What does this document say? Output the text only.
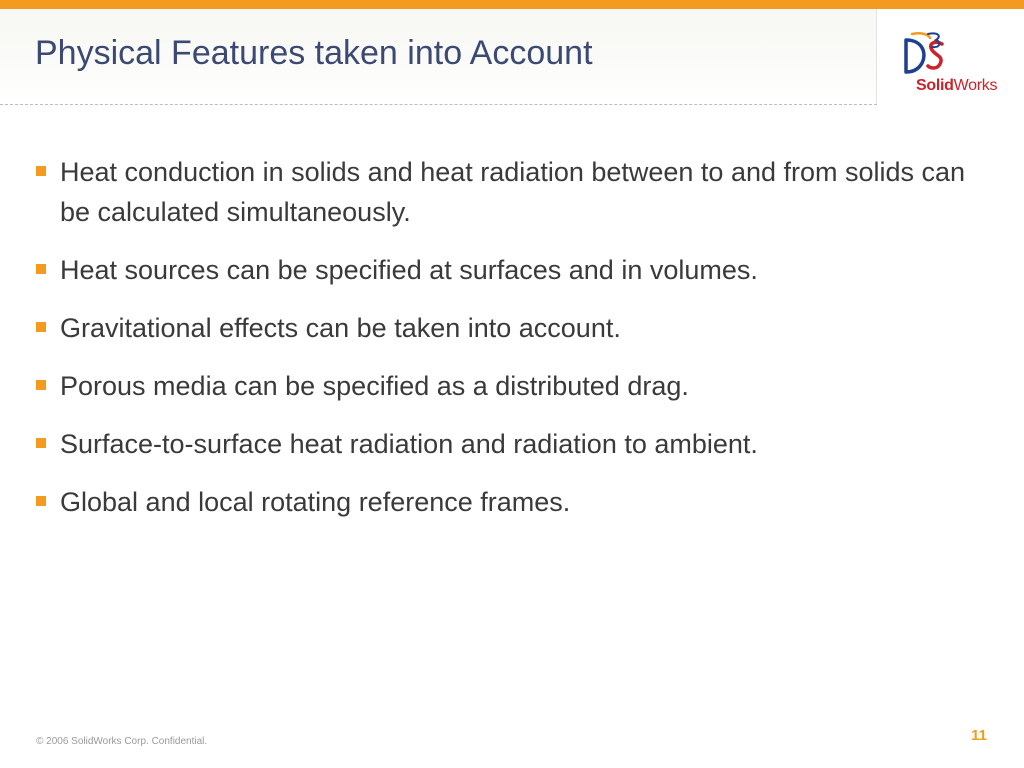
Physical Features taken into Account
SolidWorks
Heat conduction in solids and heat radiation between to and from solids can be calculated simultaneously.
Heat sources can be specified at surfaces and in volumes.
Gravitational effects can be taken into account.
Porous media can be specified as a distributed drag.
Surface-to-surface heat radiation and radiation to ambient.
Global and local rotating reference frames.
© 2006 SolidWorks Corp. Confidential.	11
